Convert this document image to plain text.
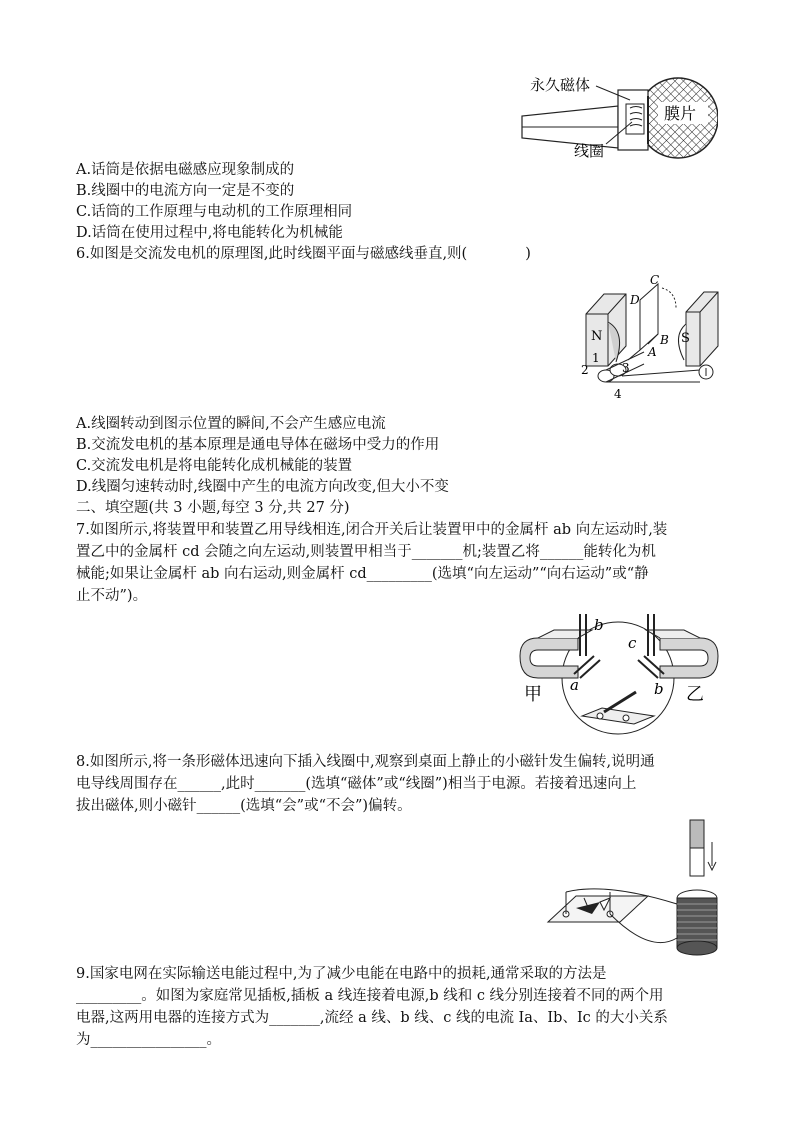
膜片
永久磁体
线圈
A.话筒是依据电磁感应现象制成的
B.线圈中的电流方向一定是不变的
C.话筒的工作原理与电动机的工作原理相同
D.话筒在使用过程中,将电能转化为机械能
6.如图是交流发电机的原理图,此时线圈平面与磁感线垂直,则(　　　　)
N	S
C
D
B
A
1
2	3
4
A.线圈转动到图示位置的瞬间,不会产生感应电流
B.交流发电机的基本原理是通电导体在磁场中受力的作用
C.交流发电机是将电能转化成机械能的装置
D.线圈匀速转动时,线圈中产生的电流方向改变,但大小不变
二、填空题(共 3 小题,每空 3 分,共 27 分)
7.如图所示,将装置甲和装置乙用导线相连,闭合开关后让装置甲中的金属杆 ab 向左运动时,装
置乙中的金属杆 cd 会随之向左运动,则装置甲相当于_______机;装置乙将______能转化为机
械能;如果让金属杆 ab 向右运动,则金属杆 cd_________(选填“向左运动”“向右运动”或“静
止不动”)。
b
c
a	b
甲	乙
8.如图所示,将一条形磁体迅速向下插入线圈中,观察到桌面上静止的小磁针发生偏转,说明通
电导线周围存在______,此时_______(选填“磁体”或“线圈”)相当于电源。若接着迅速向上
拔出磁体,则小磁针______(选填“会”或“不会”)偏转。
9.国家电网在实际输送电能过程中,为了减少电能在电路中的损耗,通常采取的方法是
_________。如图为家庭常见插板,插板 a 线连接着电源,b 线和 c 线分别连接着不同的两个用
电器,这两用电器的连接方式为_______,流经 a 线、b 线、c 线的电流 Ia、Ib、Ic 的大小关系
为________________。
